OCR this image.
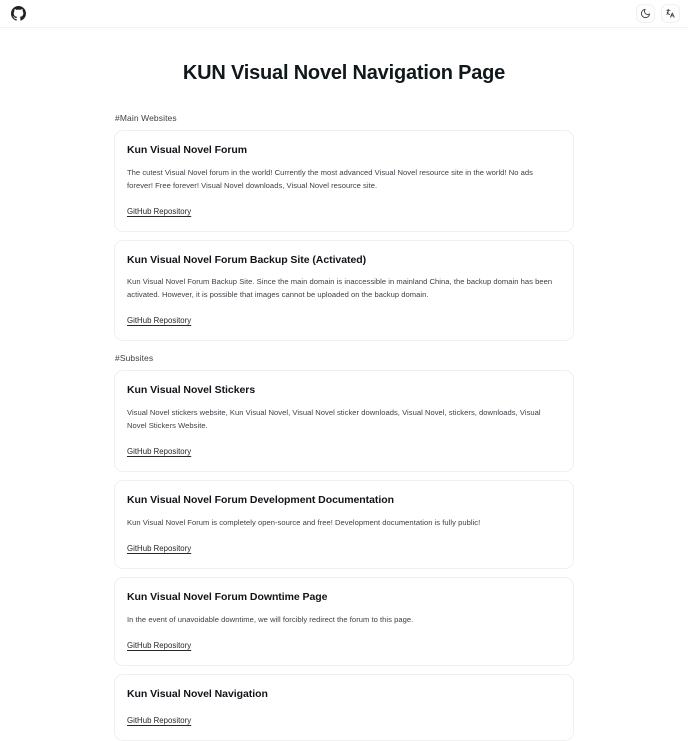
KUN Visual Novel Navigation Page
#Main Websites
Kun Visual Novel Forum
The cutest Visual Novel forum in the world! Currently the most advanced Visual Novel resource site in the world! No ads forever! Free forever! Visual Novel downloads, Visual Novel resource site.
GitHub Repository
Kun Visual Novel Forum Backup Site (Activated)
Kun Visual Novel Forum Backup Site. Since the main domain is inaccessible in mainland China, the backup domain has been activated. However, it is possible that images cannot be uploaded on the backup domain.
GitHub Repository
#Subsites
Kun Visual Novel Stickers
Visual Novel stickers website, Kun Visual Novel, Visual Novel sticker downloads, Visual Novel, stickers, downloads, Visual Novel Stickers Website.
GitHub Repository
Kun Visual Novel Forum Development Documentation
Kun Visual Novel Forum is completely open-source and free! Development documentation is fully public!
GitHub Repository
Kun Visual Novel Forum Downtime Page
In the event of unavoidable downtime, we will forcibly redirect the forum to this page.
GitHub Repository
Kun Visual Novel Navigation
GitHub Repository
